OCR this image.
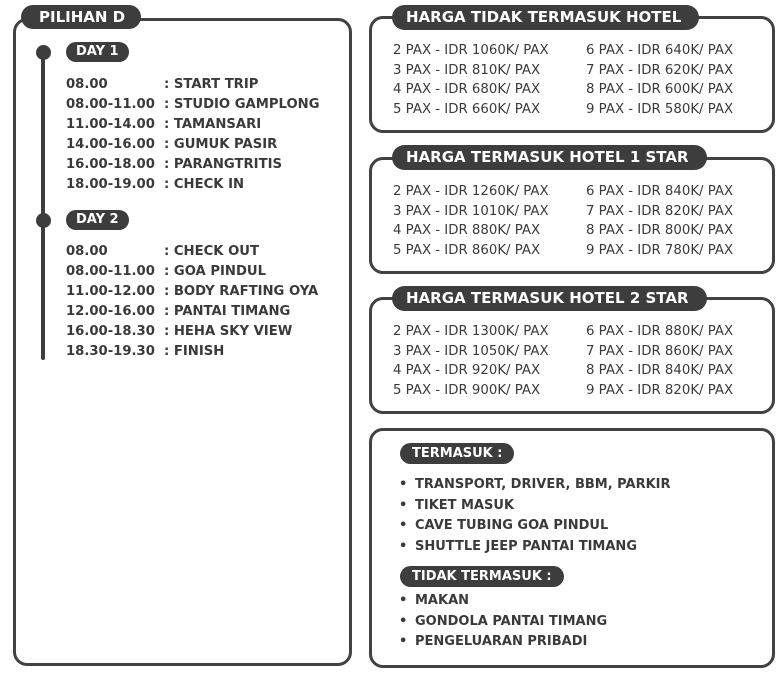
PILIHAN D
DAY 1
08.00	: START TRIP
08.00-11.00 : STUDIO GAMPLONG
11.00-14.00 : TAMANSARI
14.00-16.00 : GUMUK PASIR
16.00-18.00 : PARANGTRITIS
18.00-19.00 : CHECK IN
DAY 2
08.00	: CHECK OUT
08.00-11.00 : GOA PINDUL
11.00-12.00 : BODY RAFTING OYA
12.00-16.00 : PANTAI TIMANG
16.00-18.30 : HEHA SKY VIEW
18.30-19.30 : FINISH
HARGA TIDAK TERMASUK HOTEL
2 PAX - IDR 1060K/ PAX	6 PAX - IDR 640K/ PAX
3 PAX - IDR 810K/ PAX	7 PAX - IDR 620K/ PAX
4 PAX - IDR 680K/ PAX	8 PAX - IDR 600K/ PAX
5 PAX - IDR 660K/ PAX	9 PAX - IDR 580K/ PAX
HARGA TERMASUK HOTEL 1 STAR
2 PAX - IDR 1260K/ PAX	6 PAX - IDR 840K/ PAX
3 PAX - IDR 1010K/ PAX	7 PAX - IDR 820K/ PAX
4 PAX - IDR 880K/ PAX	8 PAX - IDR 800K/ PAX
5 PAX - IDR 860K/ PAX	9 PAX - IDR 780K/ PAX
HARGA TERMASUK HOTEL 2 STAR
2 PAX - IDR 1300K/ PAX	6 PAX - IDR 880K/ PAX
3 PAX - IDR 1050K/ PAX	7 PAX - IDR 860K/ PAX
4 PAX - IDR 920K/ PAX	8 PAX - IDR 840K/ PAX
5 PAX - IDR 900K/ PAX	9 PAX - IDR 820K/ PAX
TERMASUK :
• TRANSPORT, DRIVER, BBM, PARKIR
• TIKET MASUK
• CAVE TUBING GOA PINDUL
• SHUTTLE JEEP PANTAI TIMANG
TIDAK TERMASUK :
• MAKAN
• GONDOLA PANTAI TIMANG
• PENGELUARAN PRIBADI
